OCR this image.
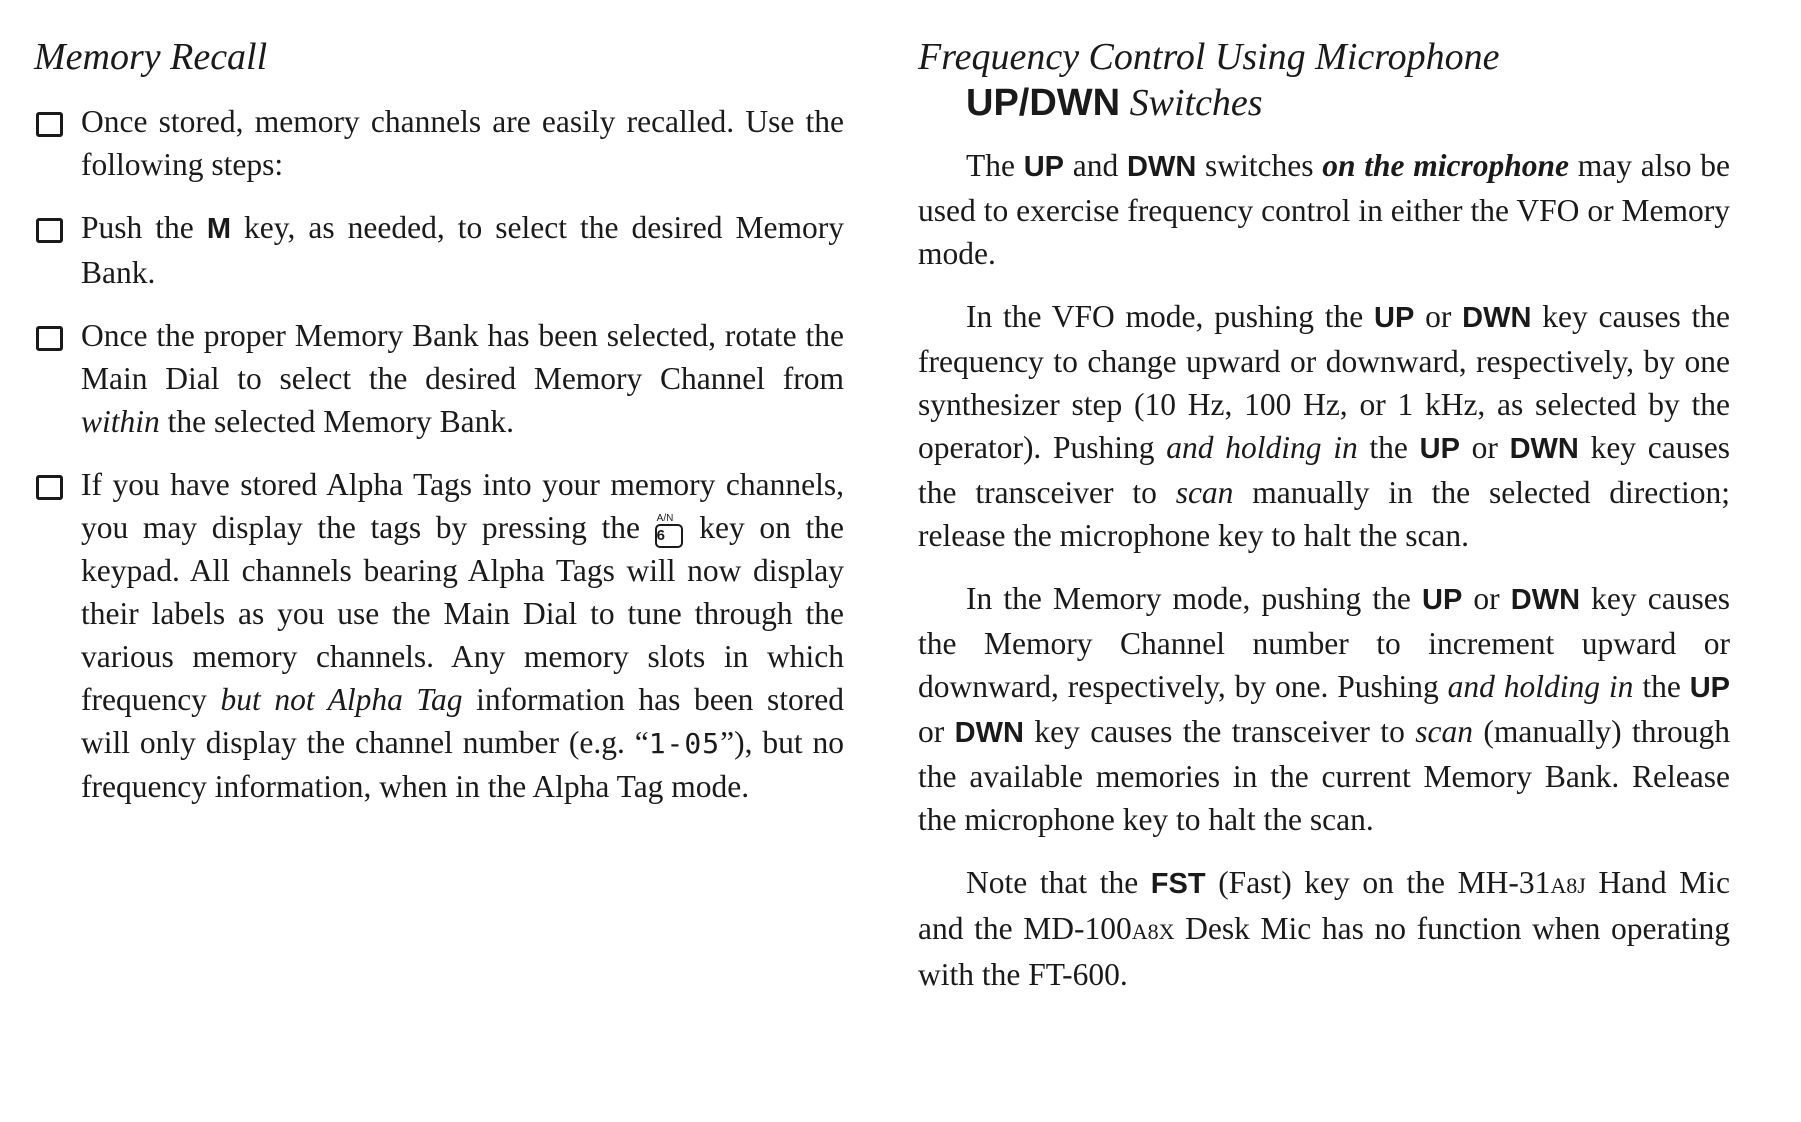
Memory Recall

Once stored, memory channels are easily recalled. Use the following steps:

Push the M key, as needed, to select the desired Memory Bank.

Once the proper Memory Bank has been selected, rotate the Main Dial to select the desired Memory Channel from within the selected Memory Bank.

If you have stored Alpha Tags into your memory channels, you may display the tags by pressing the A/N
6 key on the keypad. All channels bearing Alpha Tags will now display their labels as you use the Main Dial to tune through the various memory channels. Any memory slots in which frequency but not Alpha Tag information has been stored will only display the channel number (e.g. “1-05”), but no frequency information, when in the Alpha Tag mode.

Frequency Control Using Microphone
UP/DWN Switches

The UP and DWN switches on the microphone may also be used to exercise frequency control in either the VFO or Memory mode.

In the VFO mode, pushing the UP or DWN key causes the frequency to change upward or downward, respectively, by one synthesizer step (10 Hz, 100 Hz, or 1 kHz, as selected by the operator). Pushing and holding in the UP or DWN key causes the transceiver to scan manually in the selected direction; release the microphone key to halt the scan.

In the Memory mode, pushing the UP or DWN key causes the Memory Channel number to increment upward or downward, respectively, by one. Pushing and holding in the UP or DWN key causes the transceiver to scan (manually) through the available memories in the current Memory Bank. Release the microphone key to halt the scan.

Note that the FST (Fast) key on the MH-31A8J Hand Mic and the MD-100A8X Desk Mic has no function when operating with the FT-600.
